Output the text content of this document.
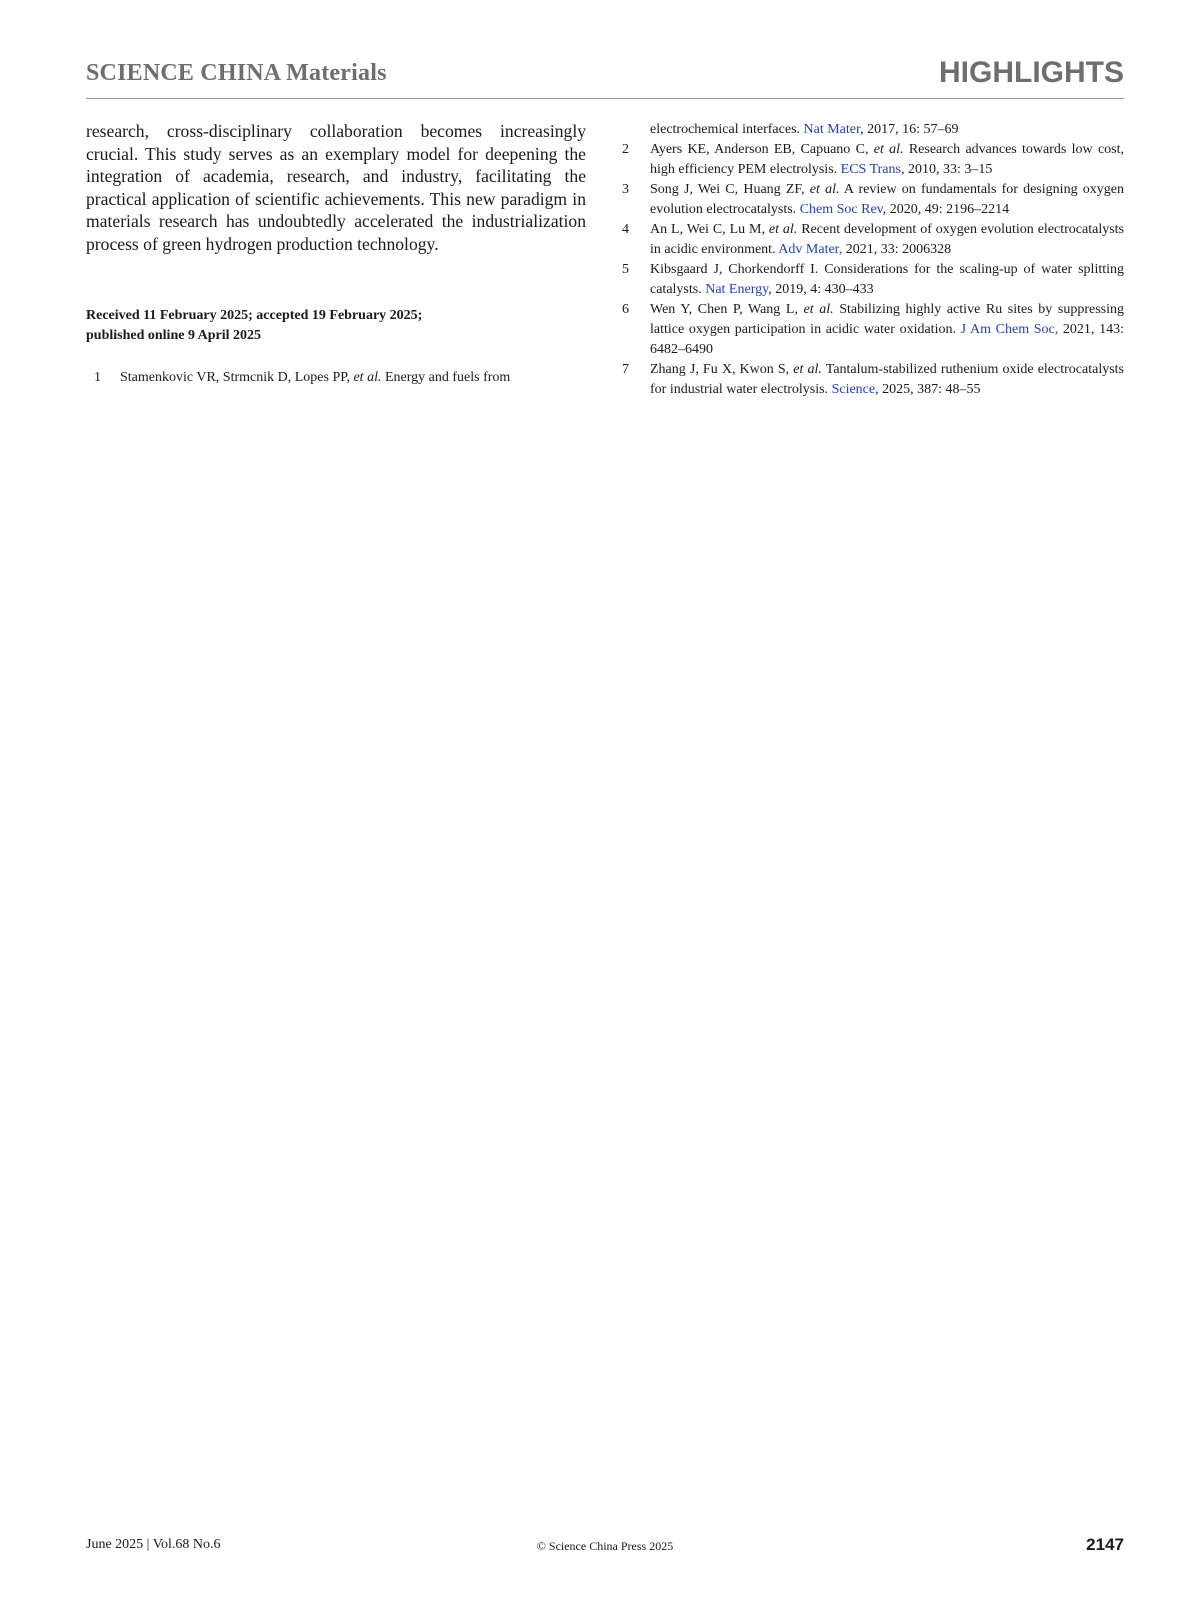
SCIENCE CHINA Materials	HIGHLIGHTS

research, cross-disciplinary collaboration becomes increasingly crucial. This study serves as an exemplary model for deepening the integration of academia, research, and industry, facilitating the practical application of scientific achievements. This new paradigm in materials research has undoubtedly accelerated the industrialization process of green hydrogen production technology.

Received 11 February 2025; accepted 19 February 2025;
published online 9 April 2025
1 Stamenkovic VR, Strmcnik D, Lopes PP, et al. Energy and fuels from
electrochemical interfaces. Nat Mater, 2017, 16: 57–69
2 Ayers KE, Anderson EB, Capuano C, et al. Research advances towards low cost, high efficiency PEM electrolysis. ECS Trans, 2010, 33: 3–15
3 Song J, Wei C, Huang ZF, et al. A review on fundamentals for designing oxygen evolution electrocatalysts. Chem Soc Rev, 2020, 49: 2196–2214
4 An L, Wei C, Lu M, et al. Recent development of oxygen evolution electrocatalysts in acidic environment. Adv Mater, 2021, 33: 2006328
5 Kibsgaard J, Chorkendorff I. Considerations for the scaling-up of water splitting catalysts. Nat Energy, 2019, 4: 430–433
6 Wen Y, Chen P, Wang L, et al. Stabilizing highly active Ru sites by suppressing lattice oxygen participation in acidic water oxidation. J Am Chem Soc, 2021, 143: 6482–6490
7 Zhang J, Fu X, Kwon S, et al. Tantalum-stabilized ruthenium oxide electrocatalysts for industrial water electrolysis. Science, 2025, 387: 48–55
June 2025 | Vol.68 No.6	© Science China Press 2025	2147
